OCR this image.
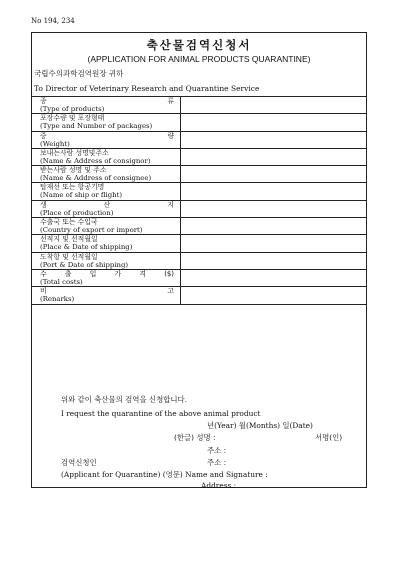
No 194, 234
축산물검역신청서
(APPLICATION FOR ANIMAL PRODUCTS QUARANTINE)
국립수의과학검역원장 귀하
To Director of Veterinary Research and Quarantine Service
종	류
(Type of products)
포장수량 및 포장형태
(Type and Number of packages)
중	량
(Weight)
보내는사람 성명및주소
(Name & Address of consignor)
받는사람 성명 및 주소
(Name & Address of consignee)
탑재선 또는 항공기명
(Name of ship or flight)
생	산	지
(Place of production)
수출국 또는 수입국
(Country of export or import)
선적지 및 선적월일
(Place & Date of shipping)
도착항 및 선적월일
(Port & Date of shipping)
수	출	입	가	격	($)
(Total costs)
비	고
(Renarks)
위와 같이 축산물의 검역을 신청합니다.
I request the quarantine of the above animal product
년(Year) 월(Months) 일(Date)
(한글) 성명 :	서명(인)
주소 :
검역신청인	주소 :
(Applicant for Quarantine) (영문) Name and Signature :
Address :
